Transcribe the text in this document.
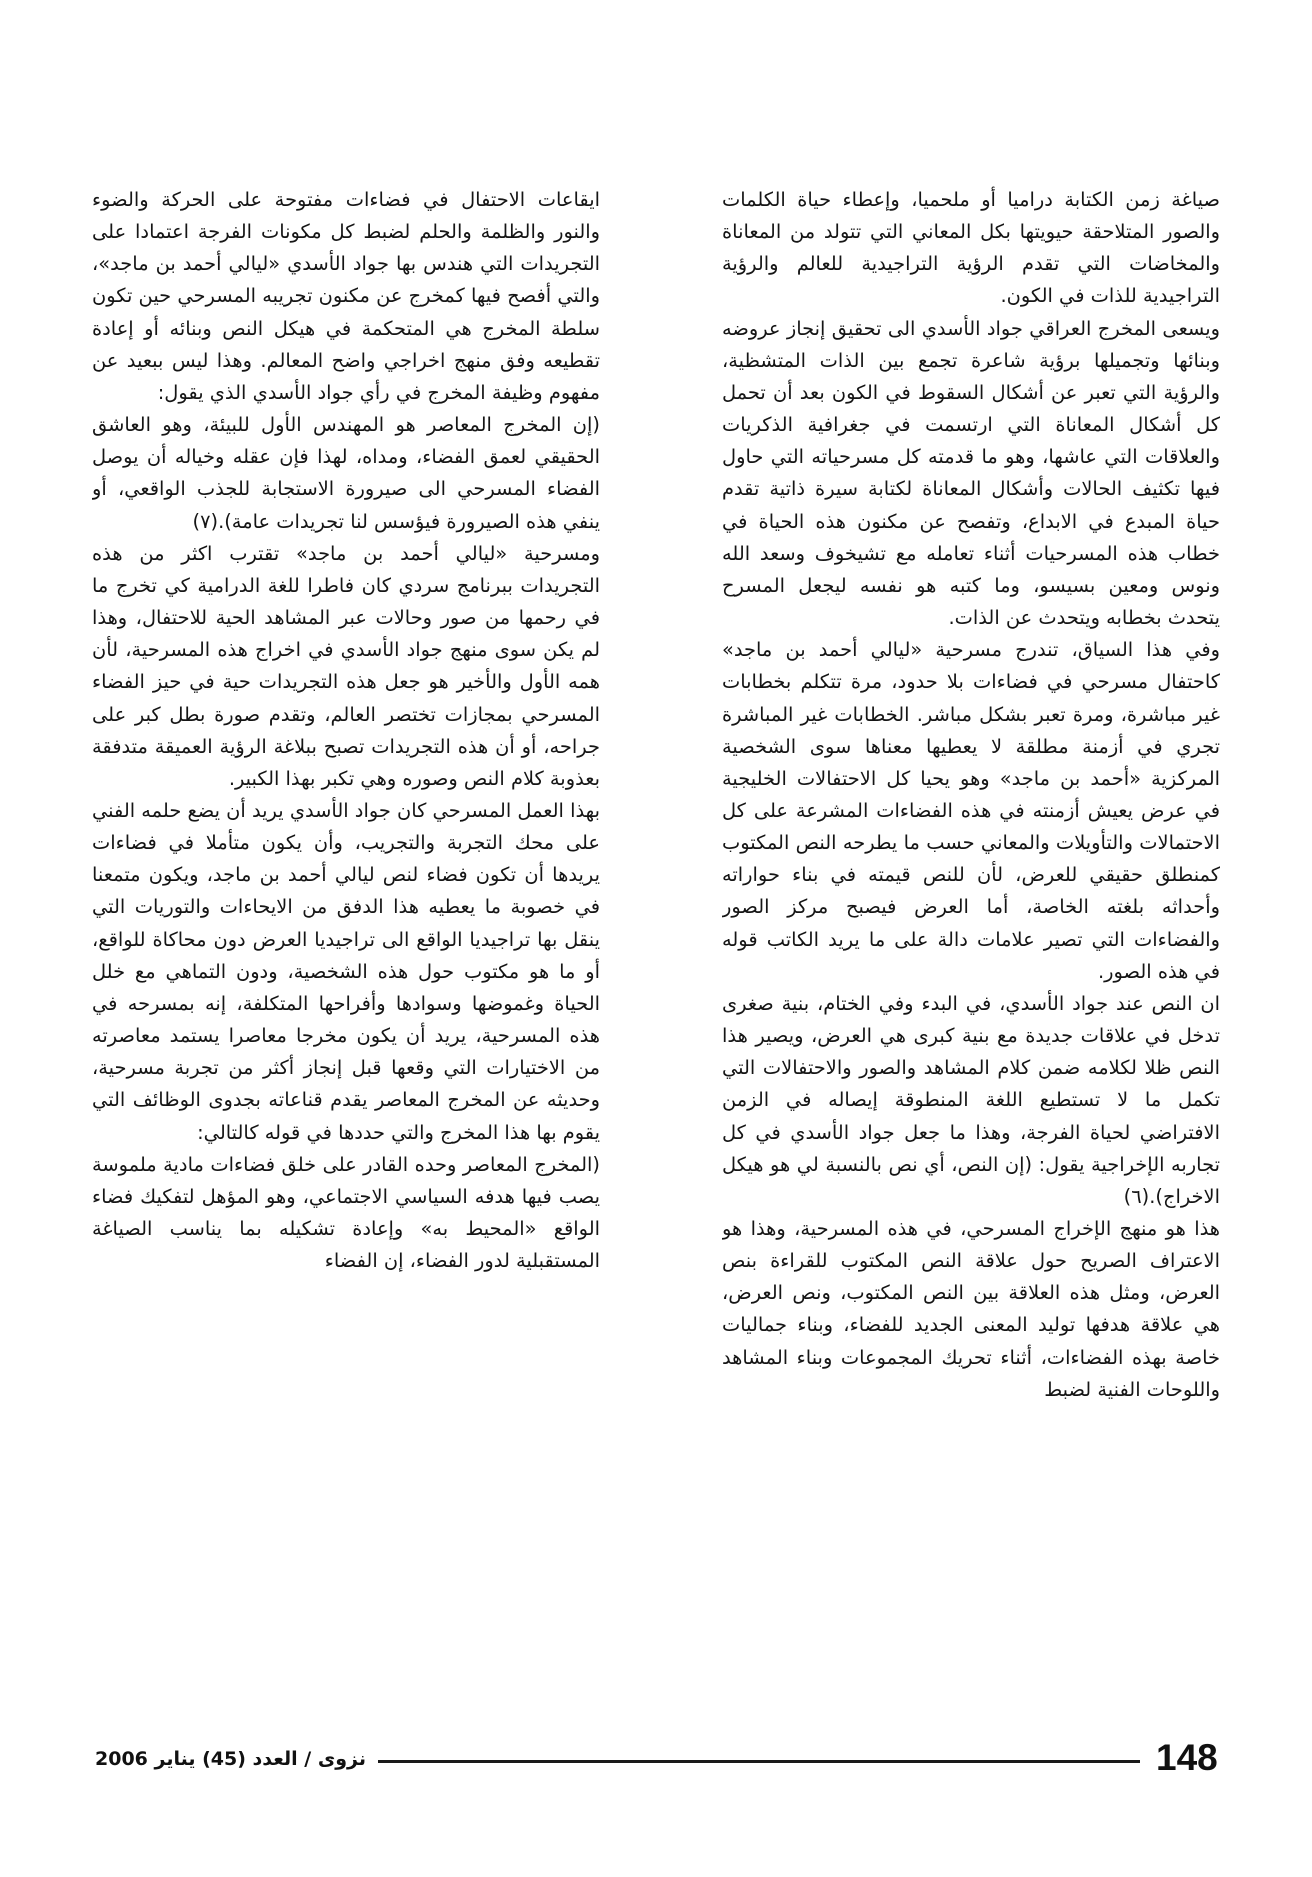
صياغة زمن الكتابة دراميا أو ملحميا، وإعطاء حياة الكلمات والصور المتلاحقة حيويتها بكل المعاني التي تتولد من المعاناة والمخاضات التي تقدم الرؤية التراجيدية للعالم والرؤية التراجيدية للذات في الكون.

ويسعى المخرج العراقي جواد الأسدي الى تحقيق إنجاز عروضه وبنائها وتجميلها برؤية شاعرة تجمع بين الذات المتشظية، والرؤية التي تعبر عن أشكال السقوط في الكون بعد أن تحمل كل أشكال المعاناة التي ارتسمت في جغرافية الذكريات والعلاقات التي عاشها، وهو ما قدمته كل مسرحياته التي حاول فيها تكثيف الحالات وأشكال المعاناة لكتابة سيرة ذاتية تقدم حياة المبدع في الابداع، وتفصح عن مكنون هذه الحياة في خطاب هذه المسرحيات أثناء تعامله مع تشيخوف وسعد الله ونوس ومعين بسيسو، وما كتبه هو نفسه ليجعل المسرح يتحدث بخطابه ويتحدث عن الذات.

وفي هذا السياق، تندرج مسرحية «ليالي أحمد بن ماجد» كاحتفال مسرحي في فضاءات بلا حدود، مرة تتكلم بخطابات غير مباشرة، ومرة تعبر بشكل مباشر. الخطابات غير المباشرة تجري في أزمنة مطلقة لا يعطيها معناها سوى الشخصية المركزية «أحمد بن ماجد» وهو يحيا كل الاحتفالات الخليجية في عرض يعيش أزمنته في هذه الفضاءات المشرعة على كل الاحتمالات والتأويلات والمعاني حسب ما يطرحه النص المكتوب كمنطلق حقيقي للعرض، لأن للنص قيمته في بناء حواراته وأحداثه بلغته الخاصة، أما العرض فيصبح مركز الصور والفضاءات التي تصير علامات دالة على ما يريد الكاتب قوله في هذه الصور.

ان النص عند جواد الأسدي، في البدء وفي الختام، بنية صغرى تدخل في علاقات جديدة مع بنية كبرى هي العرض، ويصير هذا النص ظلا لكلامه ضمن كلام المشاهد والصور والاحتفالات التي تكمل ما لا تستطيع اللغة المنطوقة إيصاله في الزمن الافتراضي لحياة الفرجة، وهذا ما جعل جواد الأسدي في كل تجاربه الإخراجية يقول: (إن النص، أي نص بالنسبة لي هو هيكل الاخراج).(٦)

هذا هو منهج الإخراج المسرحي، في هذه المسرحية، وهذا هو الاعتراف الصريح حول علاقة النص المكتوب للقراءة بنص العرض، ومثل هذه العلاقة بين النص المكتوب، ونص العرض، هي علاقة هدفها توليد المعنى الجديد للفضاء، وبناء جماليات خاصة بهذه الفضاءات، أثناء تحريك المجموعات وبناء المشاهد واللوحات الفنية لضبط

ايقاعات الاحتفال في فضاءات مفتوحة على الحركة والضوء والنور والظلمة والحلم لضبط كل مكونات الفرجة اعتمادا على التجريدات التي هندس بها جواد الأسدي «ليالي أحمد بن ماجد»، والتي أفصح فيها كمخرج عن مكنون تجريبه المسرحي حين تكون سلطة المخرج هي المتحكمة في هيكل النص وبنائه أو إعادة تقطيعه وفق منهج اخراجي واضح المعالم. وهذا ليس ببعيد عن مفهوم وظيفة المخرج في رأي جواد الأسدي الذي يقول:

(إن المخرج المعاصر هو المهندس الأول للبيئة، وهو العاشق الحقيقي لعمق الفضاء، ومداه، لهذا فإن عقله وخياله أن يوصل الفضاء المسرحي الى صيرورة الاستجابة للجذب الواقعي، أو ينفي هذه الصيرورة فيؤسس لنا تجريدات عامة).(٧)

ومسرحية «ليالي أحمد بن ماجد» تقترب اكثر من هذه التجريدات ببرنامج سردي كان فاطرا للغة الدرامية كي تخرج ما في رحمها من صور وحالات عبر المشاهد الحية للاحتفال، وهذا لم يكن سوى منهج جواد الأسدي في اخراج هذه المسرحية، لأن همه الأول والأخير هو جعل هذه التجريدات حية في حيز الفضاء المسرحي بمجازات تختصر العالم، وتقدم صورة بطل كبر على جراحه، أو أن هذه التجريدات تصبح ببلاغة الرؤية العميقة متدفقة بعذوبة كلام النص وصوره وهي تكبر بهذا الكبير.

بهذا العمل المسرحي كان جواد الأسدي يريد أن يضع حلمه الفني على محك التجربة والتجريب، وأن يكون متأملا في فضاءات يريدها أن تكون فضاء لنص ليالي أحمد بن ماجد، ويكون متمعنا في خصوبة ما يعطيه هذا الدفق من الايحاءات والتوريات التي ينقل بها تراجيديا الواقع الى تراجيديا العرض دون محاكاة للواقع، أو ما هو مكتوب حول هذه الشخصية، ودون التماهي مع خلل الحياة وغموضها وسوادها وأفراحها المتكلفة، إنه بمسرحه في هذه المسرحية، يريد أن يكون مخرجا معاصرا يستمد معاصرته من الاختيارات التي وقعها قبل إنجاز أكثر من تجربة مسرحية، وحديثه عن المخرج المعاصر يقدم قناعاته بجدوى الوظائف التي يقوم بها هذا المخرج والتي حددها في قوله كالتالي:

(المخرج المعاصر وحده القادر على خلق فضاءات مادية ملموسة يصب فيها هدفه السياسي الاجتماعي، وهو المؤهل لتفكيك فضاء الواقع «المحيط به» وإعادة تشكيله بما يناسب الصياغة المستقبلية لدور الفضاء، إن الفضاء

148
نزوى / العدد (45) يناير 2006
